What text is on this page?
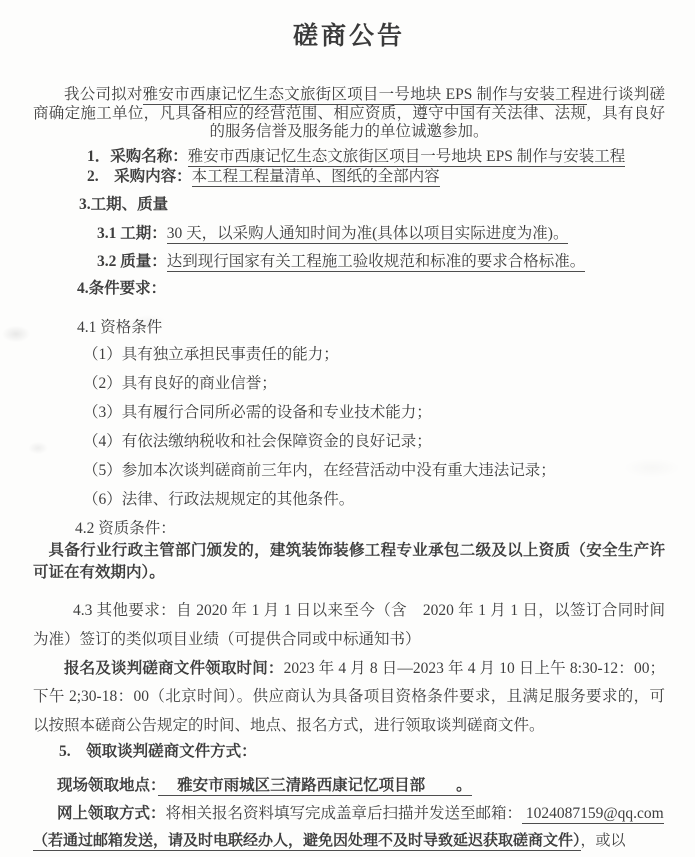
磋商公告

我公司拟对雅安市西康记忆生态文旅街区项目一号地块 EPS 制作与安装工程进行谈判磋商确定施工单位，凡具备相应的经营范围、相应资质，遵守中国有关法律、法规，具有良好的服务信誉及服务能力的单位诚邀参加。

1．采购名称：雅安市西康记忆生态文旅街区项目一号地块 EPS 制作与安装工程

2.　采购内容：本工程工程量清单、图纸的全部内容

3.工期、质量

3.1 工期：30 天，以采购人通知时间为准(具体以项目实际进度为准)。

3.2 质量：达到现行国家有关工程施工验收规范和标准的要求合格标准。

4.条件要求：

4.1 资格条件

（1）具有独立承担民事责任的能力；

（2）具有良好的商业信誉；

（3）具有履行合同所必需的设备和专业技术能力；

（4）有依法缴纳税收和社会保障资金的良好记录；

（5）参加本次谈判磋商前三年内，在经营活动中没有重大违法记录；

（6）法律、行政法规规定的其他条件。

4.2 资质条件：

具备行业行政主管部门颁发的，建筑装饰装修工程专业承包二级及以上资质（安全生产许可证在有效期内）。

4.3 其他要求：自 2020 年 1 月 1 日以来至今（含　2020 年 1 月 1 日，以签订合同时间为准）签订的类似项目业绩（可提供合同或中标通知书）

报名及谈判磋商文件领取时间：2023 年 4 月 8 日—2023 年 4 月 10 日上午 8:30-12：00；下午 2;30-18：00（北京时间）。供应商认为具备项目资格条件要求，且满足服务要求的，可以按照本磋商公告规定的时间、地点、报名方式，进行领取谈判磋商文件。

5.　领取谈判磋商文件方式：

现场领取地点：　 雅安市雨城区三清路西康记忆项目部　　。

网上领取方式：将相关报名资料填写完成盖章后扫描并发送至邮箱： 1024087159@qq.com

（若通过邮箱发送，请及时电联经办人，避免因处理不及时导致延迟获取磋商文件），或以
